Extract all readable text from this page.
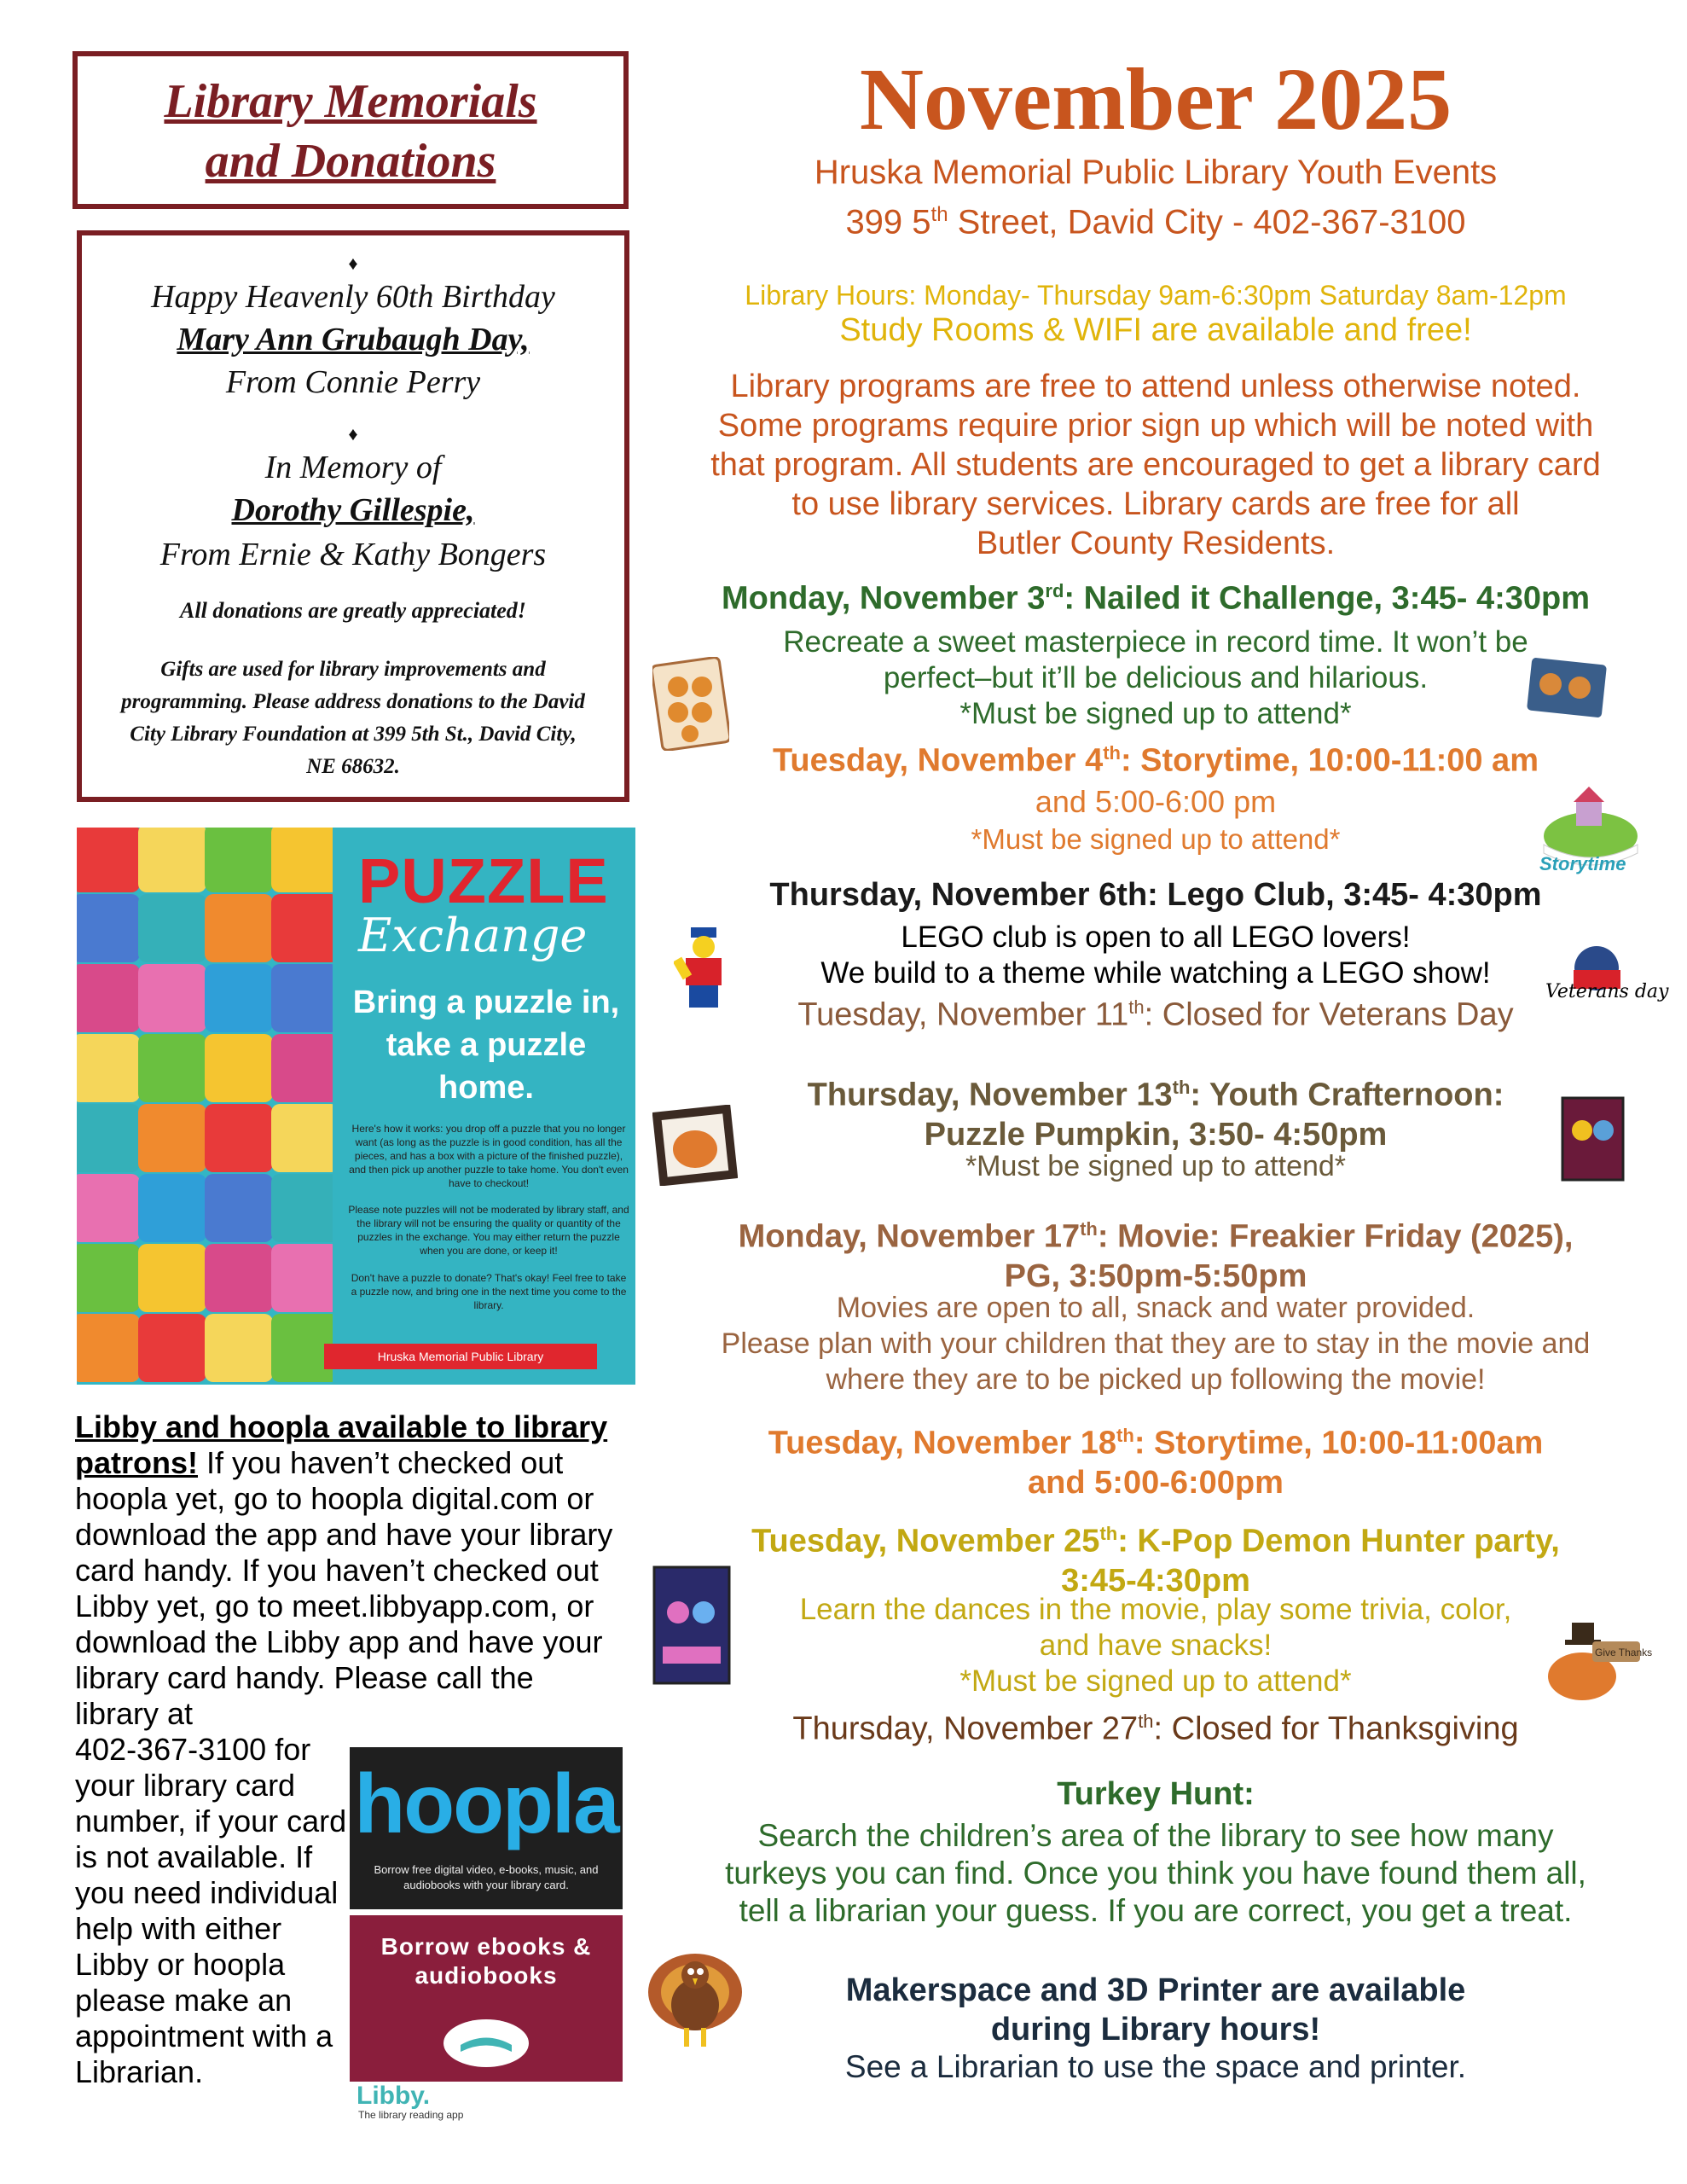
Library Memorials
and Donations
♦
Happy Heavenly 60th Birthday
Mary Ann Grubaugh Day,
From Connie Perry
♦
In Memory of
Dorothy Gillespie,
From Ernie & Kathy Bongers
All donations are greatly appreciated!
Gifts are used for library improvements and programming. Please address donations to the David City Library Foundation at 399 5th St., David City, NE 68632.
PUZZLE
Exchange
Bring a puzzle in,
take a puzzle
home.
Here's how it works: you drop off a puzzle that you no longer want (as long as the puzzle is in good condition, has all the pieces, and has a box with a picture of the finished puzzle), and then pick up another puzzle to take home. You don't even have to checkout!
Please note puzzles will not be moderated by library staff, and the library will not be ensuring the quality or quantity of the puzzles in the exchange. You may either return the puzzle when you are done, or keep it!
Don't have a puzzle to donate? That's okay! Feel free to take a puzzle now, and bring one in the next time you come to the library.
Hruska Memorial Public Library
Libby and hoopla available to library patrons! If you haven’t checked out hoopla yet, go to hoopla digital.com or download the app and have your library card handy. If you haven’t checked out Libby yet, go to meet.libbyapp.com, or download the Libby app and have your library card handy. Please call the library at
402-367-3100 for your library card number, if your card is not available. If you need individual help with either Libby or hoopla please make an appointment with a Librarian.
hoopla
Borrow free digital video, e-books, music, and audiobooks with your library card.
Borrow ebooks & audiobooks
Libby.
The library reading app
November 2025
Hruska Memorial Public Library Youth Events
399 5th Street, David City - 402-367-3100
Library Hours: Monday- Thursday 9am-6:30pm Saturday 8am-12pm
Study Rooms & WIFI are available and free!
Library programs are free to attend unless otherwise noted.
Some programs require prior sign up which will be noted with
that program. All students are encouraged to get a library card
to use library services. Library cards are free for all
Butler County Residents.
Monday, November 3rd: Nailed it Challenge, 3:45- 4:30pm
Recreate a sweet masterpiece in record time. It won’t be
perfect–but it’ll be delicious and hilarious.
*Must be signed up to attend*
Tuesday, November 4th: Storytime, 10:00-11:00 am
and 5:00-6:00 pm
*Must be signed up to attend*
Storytime
Thursday, November 6th: Lego Club, 3:45- 4:30pm
LEGO club is open to all LEGO lovers!
We build to a theme while watching a LEGO show!
Veterans day
Tuesday, November 11th: Closed for Veterans Day
Thursday, November 13th: Youth Crafternoon:
Puzzle Pumpkin, 3:50- 4:50pm
*Must be signed up to attend*
Monday, November 17th: Movie: Freakier Friday (2025),
PG, 3:50pm-5:50pm
Movies are open to all, snack and water provided.
Please plan with your children that they are to stay in the movie and
where they are to be picked up following the movie!
Tuesday, November 18th: Storytime, 10:00-11:00am
and 5:00-6:00pm
Tuesday, November 25th: K-Pop Demon Hunter party,
3:45-4:30pm
Learn the dances in the movie, play some trivia, color,
and have snacks!
*Must be signed up to attend*
Give Thanks
Thursday, November 27th: Closed for Thanksgiving
Turkey Hunt:
Search the children’s area of the library to see how many
turkeys you can find. Once you think you have found them all,
tell a librarian your guess. If you are correct, you get a treat.
Makerspace and 3D Printer are available
during Library hours!
See a Librarian to use the space and printer.
